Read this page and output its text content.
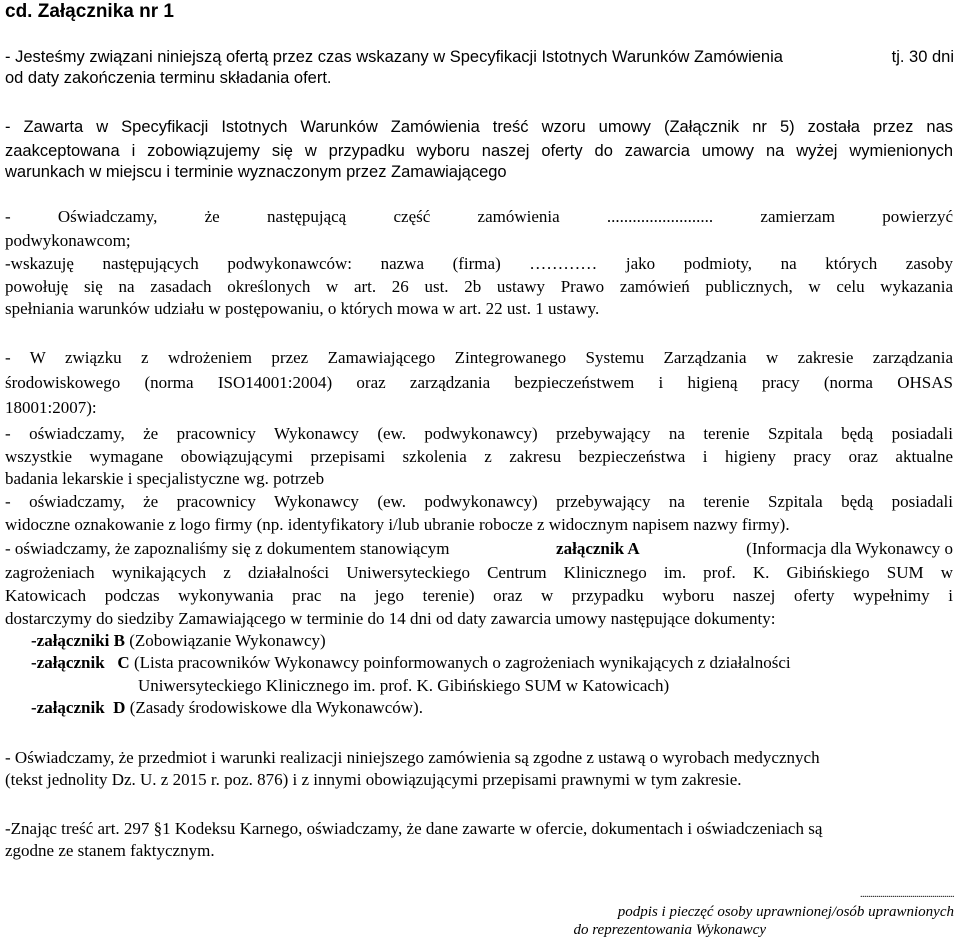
cd. Załącznika nr 1
- Jesteśmy związani niniejszą ofertą przez czas wskazany w Specyfikacji Istotnych Warunków Zamówienia	tj. 30 dni
od daty zakończenia terminu składania ofert.
- Zawarta w Specyfikacji Istotnych Warunków Zamówienia treść wzoru umowy (Załącznik nr 5) została przez nas
zaakceptowana i zobowiązujemy się w przypadku wyboru naszej oferty do zawarcia umowy na wyżej wymienionych
warunkach w miejscu i terminie wyznaczonym przez Zamawiającego
- Oświadczamy, że następującą część zamówienia ......................... zamierzam powierzyć
podwykonawcom;
-wskazuję następujących podwykonawców: nazwa (firma) ………… jako podmioty, na których zasoby
powołuję się na zasadach określonych w art. 26 ust. 2b ustawy Prawo zamówień publicznych, w celu wykazania
spełniania warunków udziału w postępowaniu, o których mowa w art. 22 ust. 1 ustawy.
- W związku z wdrożeniem przez Zamawiającego Zintegrowanego Systemu Zarządzania w zakresie zarządzania
środowiskowego (norma ISO14001:2004) oraz zarządzania bezpieczeństwem i higieną pracy (norma OHSAS
18001:2007):
- oświadczamy, że pracownicy Wykonawcy (ew. podwykonawcy) przebywający na terenie Szpitala będą posiadali
wszystkie wymagane obowiązującymi przepisami szkolenia z zakresu bezpieczeństwa i higieny pracy oraz aktualne
badania lekarskie i specjalistyczne wg. potrzeb
- oświadczamy, że pracownicy Wykonawcy (ew. podwykonawcy) przebywający na terenie Szpitala będą posiadali
widoczne oznakowanie z logo firmy (np. identyfikatory i/lub ubranie robocze z widocznym napisem nazwy firmy).
- oświadczamy, że zapoznaliśmy się z dokumentem stanowiącym	załącznik A	(Informacja dla Wykonawcy o
zagrożeniach wynikających z działalności Uniwersyteckiego Centrum Klinicznego im. prof. K. Gibińskiego SUM w
Katowicach podczas wykonywania prac na jego terenie) oraz w przypadku wyboru naszej oferty wypełnimy i
dostarczymy do siedziby Zamawiającego w terminie do 14 dni od daty zawarcia umowy następujące dokumenty:
-załączniki B (Zobowiązanie Wykonawcy)
-załącznik C (Lista pracowników Wykonawcy poinformowanych o zagrożeniach wynikających z działalności
Uniwersyteckiego Klinicznego im. prof. K. Gibińskiego SUM w Katowicach)
-załącznik D (Zasady środowiskowe dla Wykonawców).
- Oświadczamy, że przedmiot i warunki realizacji niniejszego zamówienia są zgodne z ustawą o wyrobach medycznych
(tekst jednolity Dz. U. z 2015 r. poz. 876) i z innymi obowiązującymi przepisami prawnymi w tym zakresie.
-Znając treść art. 297 §1 Kodeksu Karnego, oświadczamy, że dane zawarte w ofercie, dokumentach i oświadczeniach są
zgodne ze stanem faktycznym.
...............................................
podpis i pieczęć osoby uprawnionej/osób uprawnionych
do reprezentowania Wykonawcy
